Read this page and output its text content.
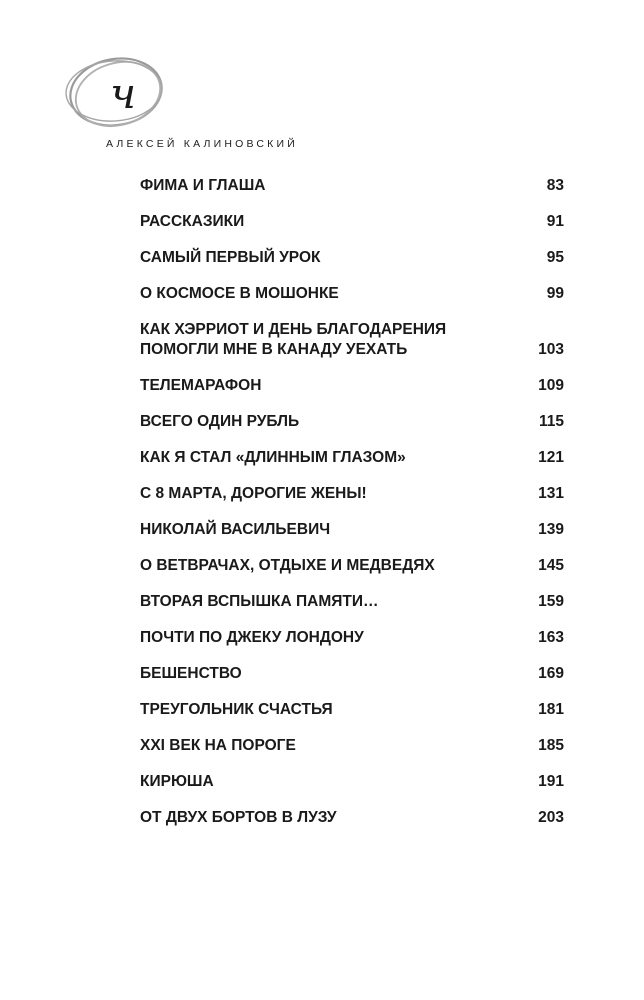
ч
АЛЕКСЕЙ КАЛИНОВСКИЙ
ФИМА И ГЛАША	83
РАССКАЗИКИ	91
САМЫЙ ПЕРВЫЙ УРОК	95
О КОСМОСЕ В МОШОНКЕ	99
КАК ХЭРРИОТ И ДЕНЬ БЛАГОДАРЕНИЯ
ПОМОГЛИ МНЕ В КАНАДУ УЕХАТЬ	103
ТЕЛЕМАРАФОН	109
ВСЕГО ОДИН РУБЛЬ	115
КАК Я СТАЛ «ДЛИННЫМ ГЛАЗОМ»	121
С 8 МАРТА, ДОРОГИЕ ЖЕНЫ!	131
НИКОЛАЙ ВАСИЛЬЕВИЧ	139
О ВЕТВРАЧАХ, ОТДЫХЕ И МЕДВЕДЯХ	145
ВТОРАЯ ВСПЫШКА ПАМЯТИ…	159
ПОЧТИ ПО ДЖЕКУ ЛОНДОНУ	163
БЕШЕНСТВО	169
ТРЕУГОЛЬНИК СЧАСТЬЯ	181
XXI ВЕК НА ПОРОГЕ	185
КИРЮША	191
ОТ ДВУХ БОРТОВ В ЛУЗУ	203
